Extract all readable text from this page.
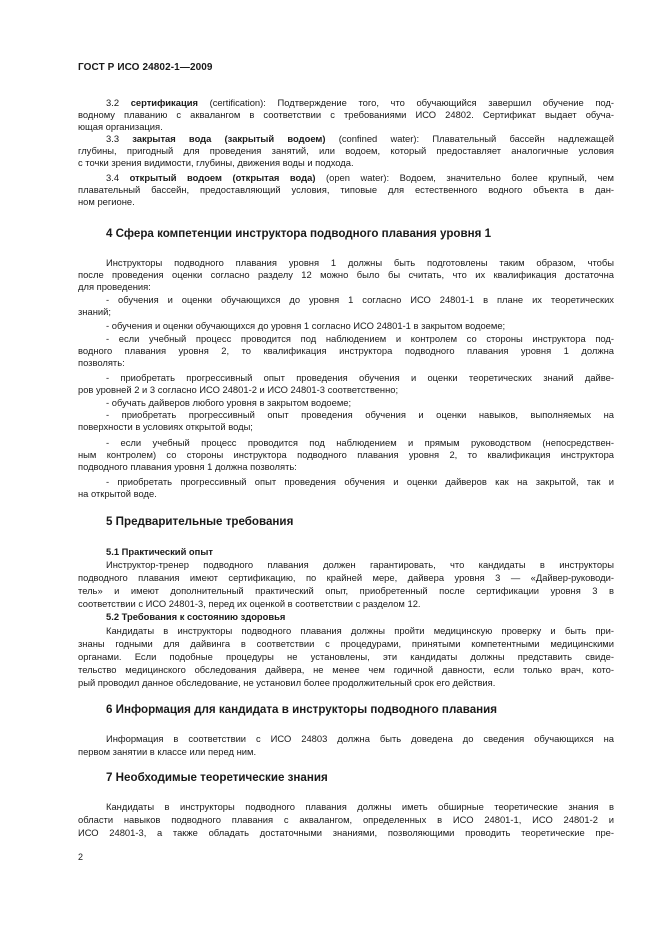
ГОСТ Р ИСО 24802-1—2009
3.2 сертификация (certification): Подтверждение того, что обучающийся завершил обучение под-
водному плаванию с аквалангом в соответствии с требованиями ИСО 24802. Сертификат выдает обуча-
ющая организация.
3.3 закрытая вода (закрытый водоем) (confined water): Плавательный бассейн надлежащей
глубины, пригодный для проведения занятий, или водоем, который предоставляет аналогичные условия
с точки зрения видимости, глубины, движения воды и подхода.
3.4 открытый водоем (открытая вода) (open water): Водоем, значительно более крупный, чем
плавательный бассейн, предоставляющий условия, типовые для естественного водного объекта в дан-
ном регионе.
4 Сфера компетенции инструктора подводного плавания уровня 1
Инструкторы подводного плавания уровня 1 должны быть подготовлены таким образом, чтобы
после проведения оценки согласно разделу 12 можно было бы считать, что их квалификация достаточна
для проведения:
- обучения и оценки обучающихся до уровня 1 согласно ИСО 24801-1 в плане их теоретических
знаний;
- обучения и оценки обучающихся до уровня 1 согласно ИСО 24801-1 в закрытом водоеме;
- если учебный процесс проводится под наблюдением и контролем со стороны инструктора под-
водного плавания уровня 2, то квалификация инструктора подводного плавания уровня 1 должна
позволять:
- приобретать прогрессивный опыт проведения обучения и оценки теоретических знаний дайве-
ров уровней 2 и 3 согласно ИСО 24801-2 и ИСО 24801-3 соответственно;
- обучать дайверов любого уровня в закрытом водоеме;
- приобретать прогрессивный опыт проведения обучения и оценки навыков, выполняемых на
поверхности в условиях открытой воды;
- если учебный процесс проводится под наблюдением и прямым руководством (непосредствен-
ным контролем) со стороны инструктора подводного плавания уровня 2, то квалификация инструктора
подводного плавания уровня 1 должна позволять:
- приобретать прогрессивный опыт проведения обучения и оценки дайверов как на закрытой, так и
на открытой воде.
5 Предварительные требования
5.1 Практический опыт
Инструктор-тренер подводного плавания должен гарантировать, что кандидаты в инструкторы
подводного плавания имеют сертификацию, по крайней мере, дайвера уровня 3 — «Дайвер-руководи-
тель» и имеют дополнительный практический опыт, приобретенный после сертификации уровня 3 в
соответствии с ИСО 24801-3, перед их оценкой в соответствии с разделом 12.
5.2 Требования к состоянию здоровья
Кандидаты в инструкторы подводного плавания должны пройти медицинскую проверку и быть при-
знаны годными для дайвинга в соответствии с процедурами, принятыми компетентными медицинскими
органами. Если подобные процедуры не установлены, эти кандидаты должны представить свиде-
тельство медицинского обследования дайвера, не менее чем годичной давности, если только врач, кото-
рый проводил данное обследование, не установил более продолжительный срок его действия.
6 Информация для кандидата в инструкторы подводного плавания
Информация в соответствии с ИСО 24803 должна быть доведена до сведения обучающихся на
первом занятии в классе или перед ним.
7 Необходимые теоретические знания
Кандидаты в инструкторы подводного плавания должны иметь обширные теоретические знания в
области навыков подводного плавания с аквалангом, определенных в ИСО 24801-1, ИСО 24801-2 и
ИСО 24801-3, а также обладать достаточными знаниями, позволяющими проводить теоретические пре-
2
